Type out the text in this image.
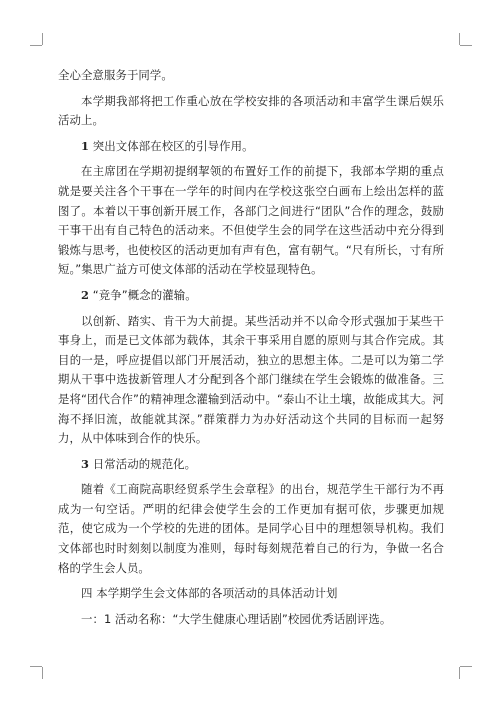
全心全意服务于同学。

本学期我部将把工作重心放在学校安排的各项活动和丰富学生课后娱乐活动上。

1 突出文体部在校区的引导作用。

在主席团在学期初提纲挈领的布置好工作的前提下，我部本学期的重点就是要关注各个干事在一学年的时间内在学校这张空白画布上绘出怎样的蓝图了。本着以干事创新开展工作，各部门之间进行“团队”合作的理念，鼓励干事干出有自己特色的活动来。不但使学生会的同学在这些活动中充分得到锻炼与思考，也使校区的活动更加有声有色，富有朝气。“尺有所长，寸有所短。”集思广益方可使文体部的活动在学校显现特色。

2 “竞争”概念的灌输。

以创新、踏实、肯干为大前提。某些活动并不以命令形式强加于某些干事身上，而是已文体部为载体，其余干事采用自愿的原则与其合作完成。其目的一是，呼应提倡以部门开展活动，独立的思想主体。二是可以为第二学期从干事中选拔新管理人才分配到各个部门继续在学生会锻炼的做准备。三是将“团代合作”的精神理念灌输到活动中。“泰山不让土壤，故能成其大。河海不择旧流，故能就其深。”群策群力为办好活动这个共同的目标而一起努力，从中体味到合作的快乐。

3 日常活动的规范化。

随着《工商院高职经贸系学生会章程》的出台，规范学生干部行为不再成为一句空话。严明的纪律会使学生会的工作更加有据可依，步骤更加规范，使它成为一个学校的先进的团体。是同学心目中的理想领导机构。我们文体部也时时刻刻以制度为准则，每时每刻规范着自己的行为，争做一名合格的学生会人员。

四 本学期学生会文体部的各项活动的具体活动计划

一：1 活动名称：“大学生健康心理话剧”校园优秀话剧评选。
